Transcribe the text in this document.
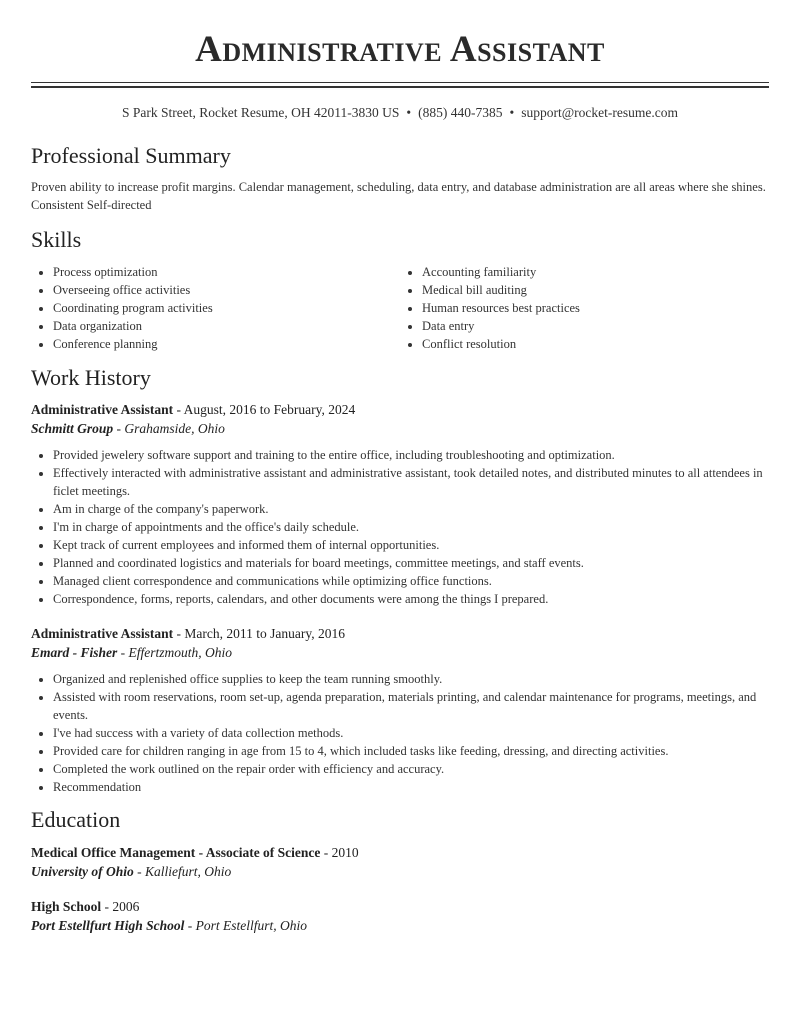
Administrative Assistant
S Park Street, Rocket Resume, OH 42011-3830 US • (885) 440-7385 • support@rocket-resume.com
Professional Summary

Proven ability to increase profit margins. Calendar management, scheduling, data entry, and database administration are all areas where she shines. Consistent Self-directed

Skills
• Process optimization
• Overseeing office activities
• Coordinating program activities
• Data organization
• Conference planning
• Accounting familiarity
• Medical bill auditing
• Human resources best practices
• Data entry
• Conflict resolution
Work History
Administrative Assistant - August, 2016 to February, 2024
Schmitt Group - Grahamside, Ohio
• Provided jewelery software support and training to the entire office, including troubleshooting and optimization.
• Effectively interacted with administrative assistant and administrative assistant, took detailed notes, and distributed minutes to all attendees in ficlet meetings.
• Am in charge of the company's paperwork.
• I'm in charge of appointments and the office's daily schedule.
• Kept track of current employees and informed them of internal opportunities.
• Planned and coordinated logistics and materials for board meetings, committee meetings, and staff events.
• Managed client correspondence and communications while optimizing office functions.
• Correspondence, forms, reports, calendars, and other documents were among the things I prepared.
Administrative Assistant - March, 2011 to January, 2016
Emard - Fisher - Effertzmouth, Ohio
• Organized and replenished office supplies to keep the team running smoothly.
• Assisted with room reservations, room set-up, agenda preparation, materials printing, and calendar maintenance for programs, meetings, and events.
• I've had success with a variety of data collection methods.
• Provided care for children ranging in age from 15 to 4, which included tasks like feeding, dressing, and directing activities.
• Completed the work outlined on the repair order with efficiency and accuracy.
• Recommendation
Education
Medical Office Management - Associate of Science - 2010
University of Ohio - Kalliefurt, Ohio
High School - 2006
Port Estellfurt High School - Port Estellfurt, Ohio
